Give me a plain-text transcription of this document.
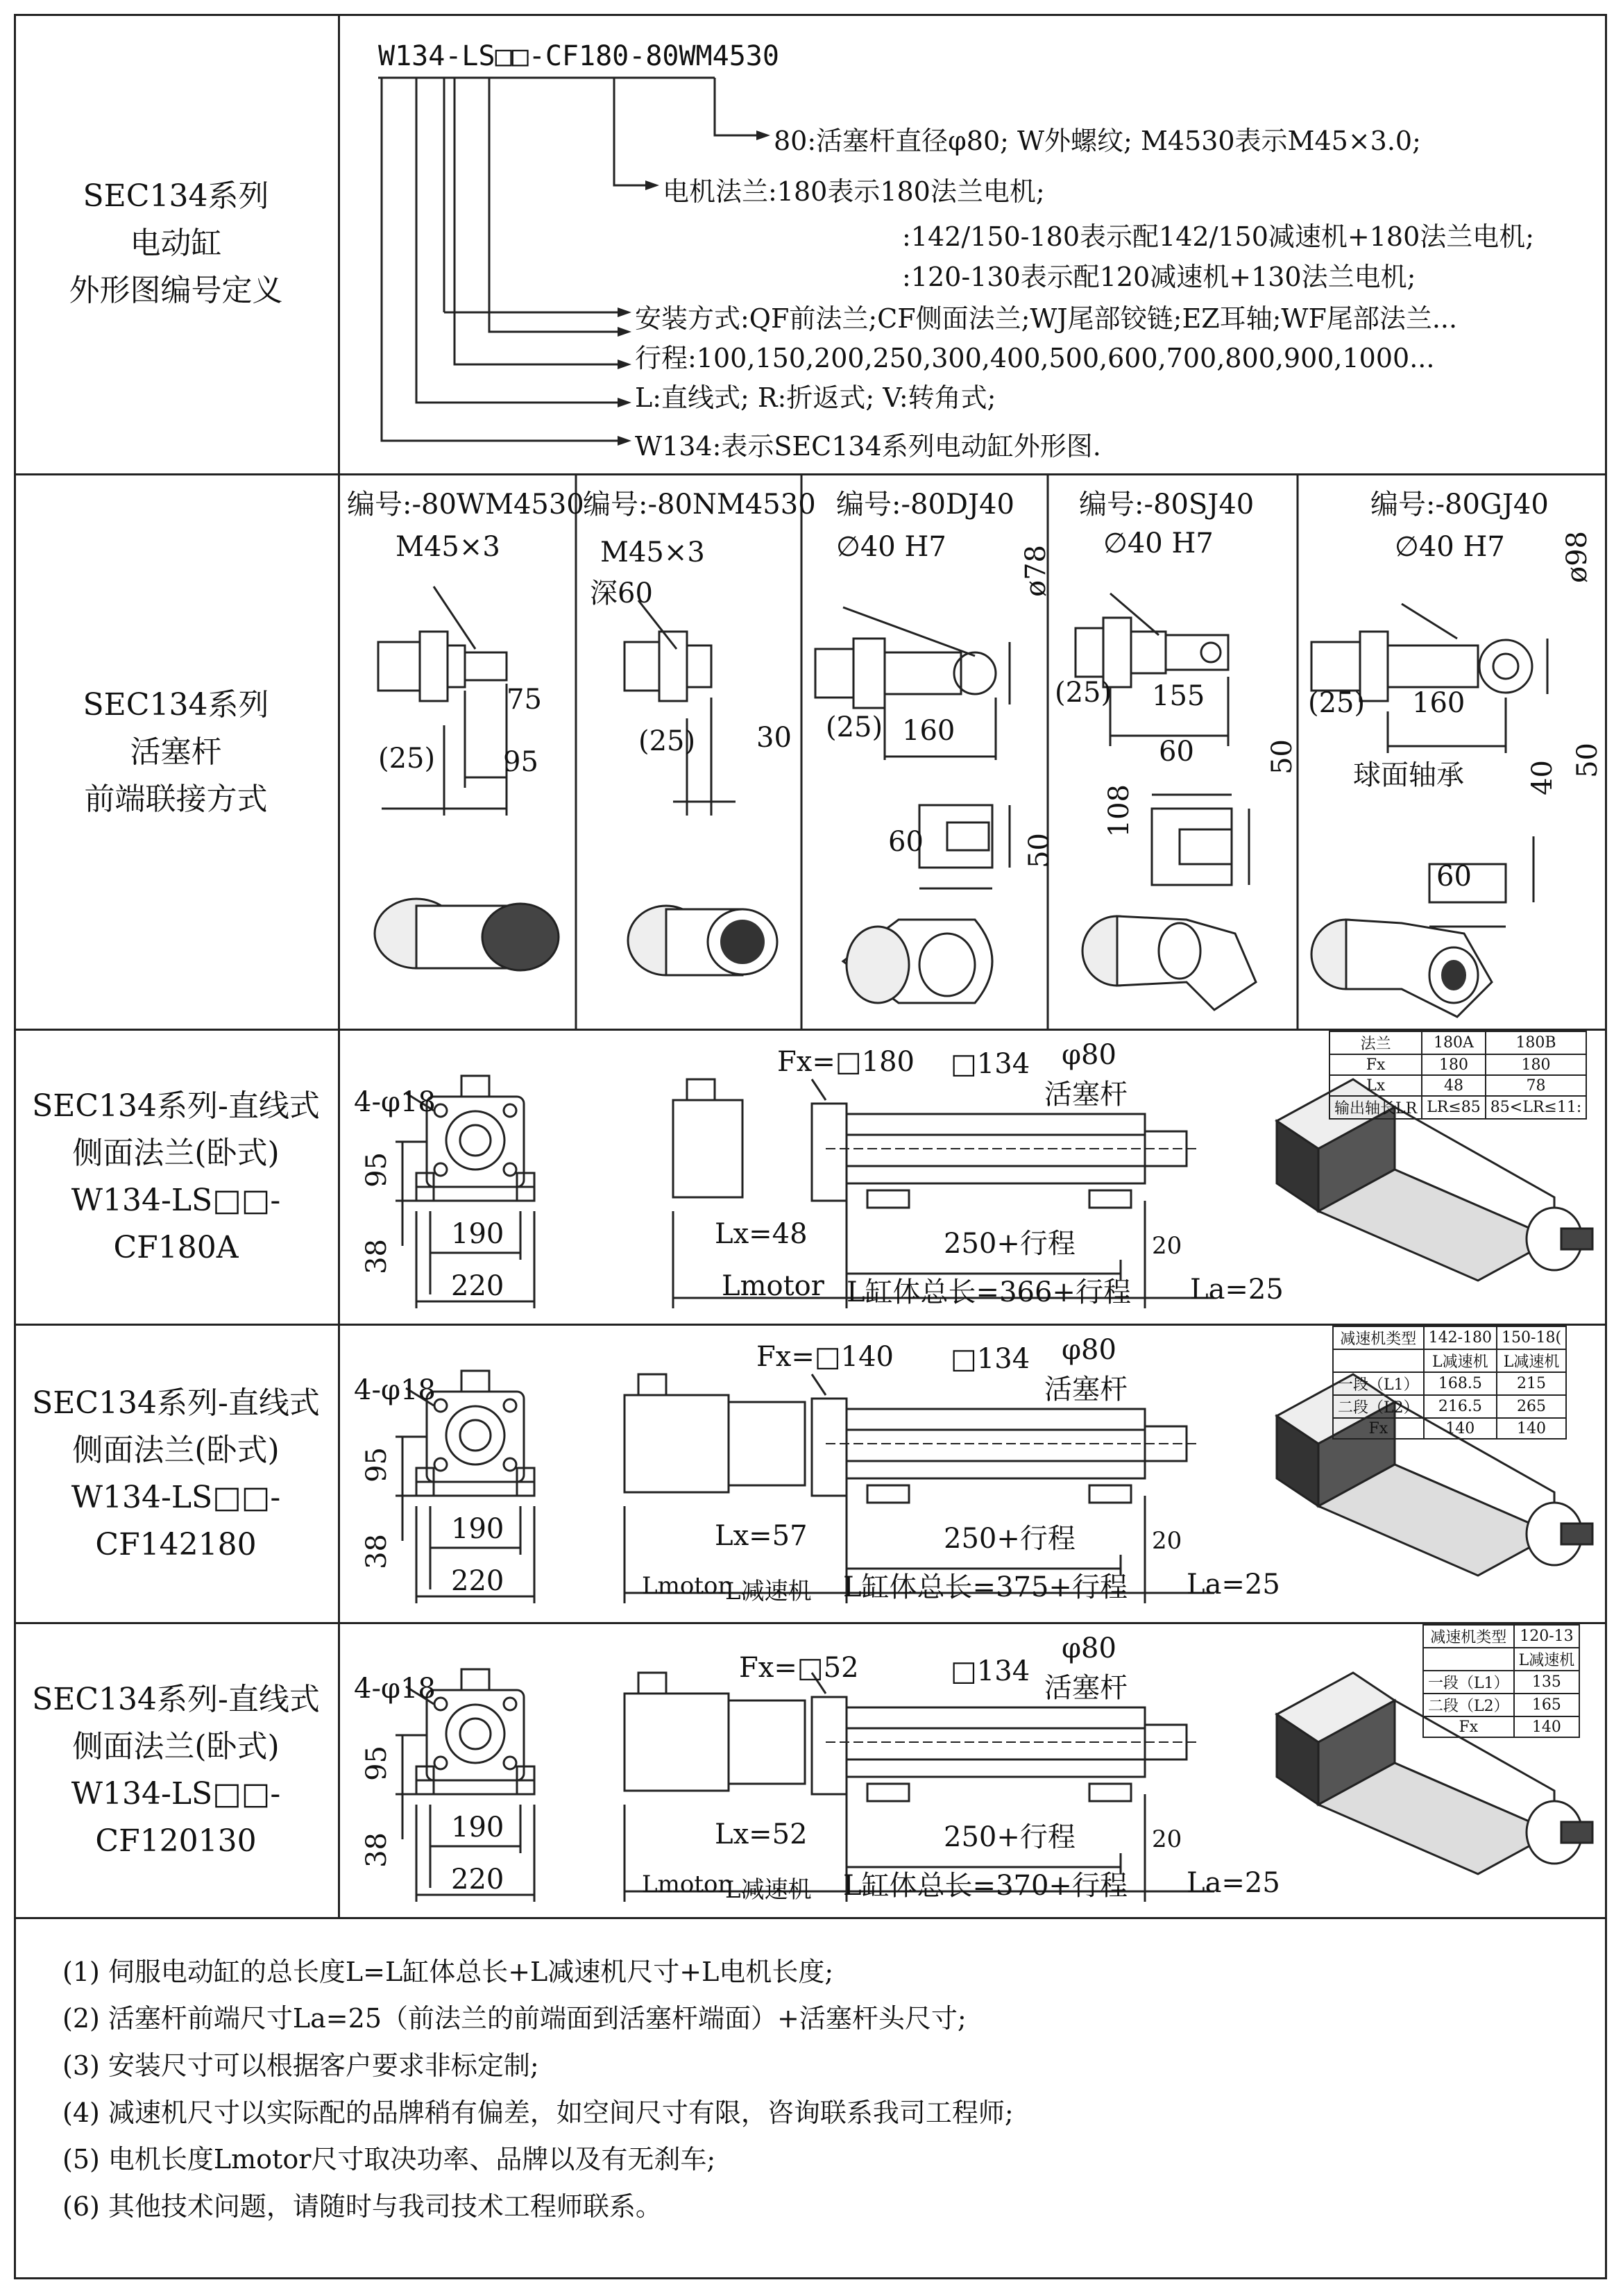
SEC134系列
电动缸
外形图编号定义
W134-LS□□-CF180-80WM4530
80:活塞杆直径φ80; W外螺纹; M4530表示M45×3.0;
电机法兰:180表示180法兰电机;
:142/150-180表示配142/150减速机+180法兰电机;
:120-130表示配120减速机+130法兰电机;
安装方式:QF前法兰;CF侧面法兰;WJ尾部铰链;EZ耳轴;WF尾部法兰...
行程:100,150,200,250,300,400,500,600,700,800,900,1000...
L:直线式; R:折返式; V:转角式;
W134:表示SEC134系列电动缸外形图.
SEC134系列
活塞杆
前端联接方式
编号:-80WM4530
M45×3
75
(25) 95
编号:-80NM4530
M45×3
深60
(25) 30
编号:-80DJ40
∅40 H7	ø78
(25) 160
60	50
编号:-80SJ40
∅40 H7
(25) 155
60	50
108
编号:-80GJ40
∅40 H7 ø98
(25) 160
球面轴承	50
40
60
SEC134系列-直线式
侧面法兰(卧式)
W134-LS□□-CF180A
4-φ18
95
38
190
220
Fx=□180 □134 φ80
活塞杆
Lx=48	250+行程	20
Lmotor L缸体总长=366+行程 La=25
法兰	180A	180B
Fx	180	180
Lx	48	78
输出轴长LR	LR≤85	85<LR≤11:
SEC134系列-直线式
侧面法兰(卧式)
W134-LS□□-CF142180
4-φ18
95
38
190
220
Fx=□140 □134 φ80
活塞杆
Lx=57	250+行程	20
Lmotor
L减速机 L缸体总长=375+行程 La=25
减速机类型	142-180	150-18(
	L减速机	L减速机
一段（L1）	168.5	215
二段（L2）	216.5	265
Fx	140	140
SEC134系列-直线式
侧面法兰(卧式)
W134-LS□□-CF120130
4-φ18
95
38
190
220
Fx=□52	□134
φ80
活塞杆
Lx=52	250+行程	20
Lmotor
L减速机 L缸体总长=370+行程 La=25
减速机类型	120-13
	L减速机
一段（L1）	135
二段（L2）	165
Fx	140
(1) 伺服电动缸的总长度L=L缸体总长+L减速机尺寸+L电机长度;
(2) 活塞杆前端尺寸La=25（前法兰的前端面到活塞杆端面）+活塞杆头尺寸;
(3) 安装尺寸可以根据客户要求非标定制;
(4) 减速机尺寸以实际配的品牌稍有偏差，如空间尺寸有限，咨询联系我司工程师;
(5) 电机长度Lmotor尺寸取决功率、品牌以及有无刹车;
(6) 其他技术问题，请随时与我司技术工程师联系。
